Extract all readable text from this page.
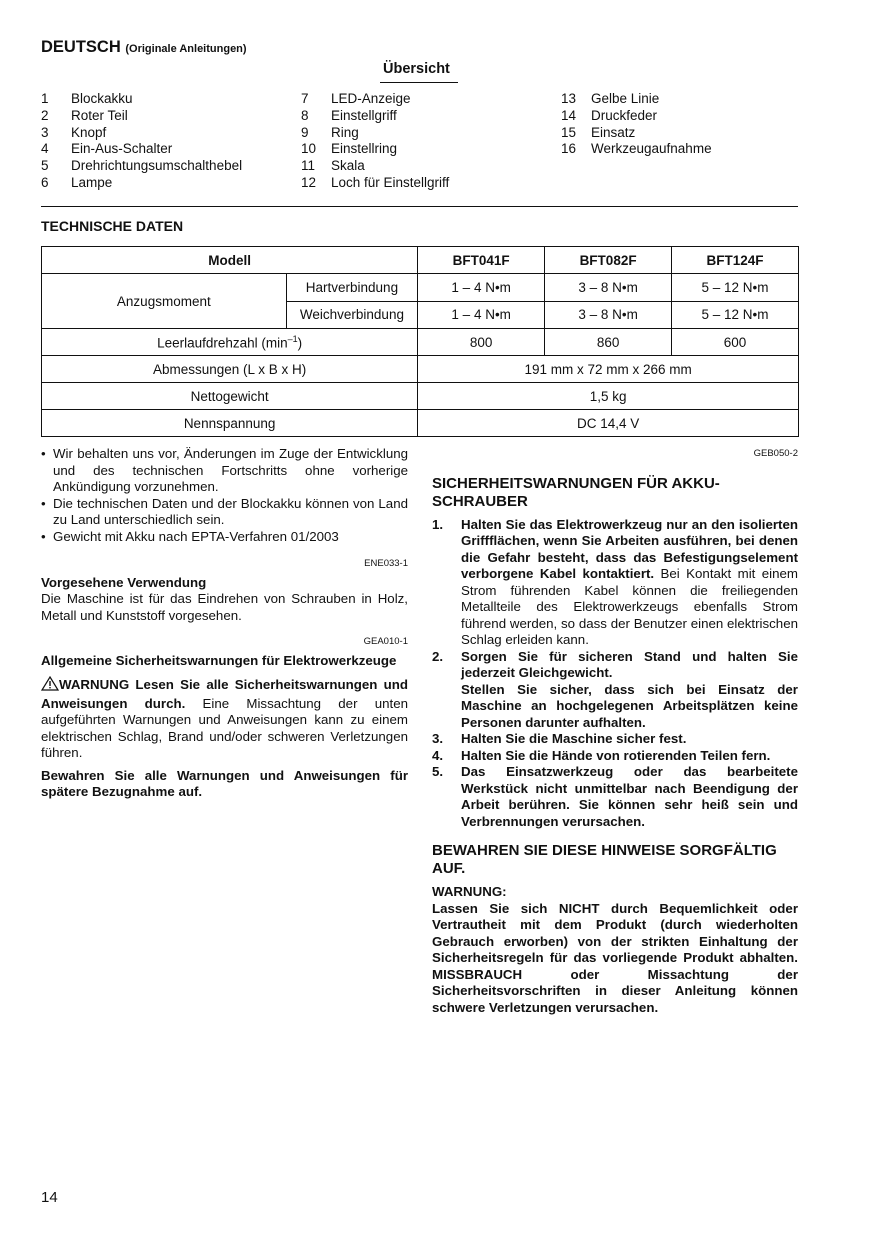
DEUTSCH (Originale Anleitungen)
Übersicht
1	Blockakku
2	Roter Teil
3	Knopf
4	Ein-Aus-Schalter
5	Drehrichtungsumschalthebel
6	Lampe
7	LED-Anzeige
8	Einstellgriff
9	Ring
10	Einstellring
11	Skala
12	Loch für Einstellgriff
13	Gelbe Linie
14	Druckfeder
15	Einsatz
16	Werkzeugaufnahme
TECHNISCHE DATEN
Modell		BFT041F	BFT082F	BFT124F
Anzugsmoment	Hartverbindung	1 – 4 N•m	3 – 8 N•m	5 – 12 N•m
	Weichverbindung	1 – 4 N•m	3 – 8 N•m	5 – 12 N•m
Leerlaufdrehzahl $(\min^{-1})$		800	860	600
Abmessungen (L x B x H)		191 mm x 72 mm x 266 mm		
Nettogewicht		1,5 kg		
Nennspannung		DC 14,4 V		
• Wir behalten uns vor, Änderungen im Zuge der Entwicklung und des technischen Fortschritts ohne vorherige Ankündigung vorzunehmen.
• Die technischen Daten und der Blockakku können von Land zu Land unterschiedlich sein.
• Gewicht mit Akku nach EPTA-Verfahren 01/2003
ENE033-1
Vorgesehene Verwendung
Die Maschine ist für das Eindrehen von Schrauben in Holz, Metall und Kunststoff vorgesehen.
GEA010-1
Allgemeine Sicherheitswarnungen für Elektrowerkzeuge
WARNUNG Lesen Sie alle Sicherheitswarnungen und Anweisungen durch. Eine Missachtung der unten aufgeführten Warnungen und Anweisungen kann zu einem elektrischen Schlag, Brand und/oder schweren Verletzungen führen.
Bewahren Sie alle Warnungen und Anweisungen für spätere Bezugnahme auf.
GEB050-2
SICHERHEITSWARNUNGEN FÜR AKKU-SCHRAUBER
1.	Halten Sie das Elektrowerkzeug nur an den isolierten Griffflächen, wenn Sie Arbeiten ausführen, bei denen die Gefahr besteht, dass das Befestigungselement verborgene Kabel kontaktiert. Bei Kontakt mit einem Strom führenden Kabel können die freiliegenden Metallteile des Elektrowerkzeugs ebenfalls Strom führend werden, so dass der Benutzer einen elektrischen Schlag erleiden kann.
2.	Sorgen Sie für sicheren Stand und halten Sie jederzeit Gleichgewicht.
Stellen Sie sicher, dass sich bei Einsatz der Maschine an hochgelegenen Arbeitsplätzen keine Personen darunter aufhalten.
3.	Halten Sie die Maschine sicher fest.
4.	Halten Sie die Hände von rotierenden Teilen fern.
5.	Das Einsatzwerkzeug oder das bearbeitete Werkstück nicht unmittelbar nach Beendigung der Arbeit berühren. Sie können sehr heiß sein und Verbrennungen verursachen.
BEWAHREN SIE DIESE HINWEISE SORGFÄLTIG AUF.
WARNUNG:
Lassen Sie sich NICHT durch Bequemlichkeit oder Vertrautheit mit dem Produkt (durch wiederholten Gebrauch erworben) von der strikten Einhaltung der Sicherheitsregeln für das vorliegende Produkt abhalten. MISSBRAUCH oder Missachtung der Sicherheitsvorschriften in dieser Anleitung können schwere Verletzungen verursachen.
14
